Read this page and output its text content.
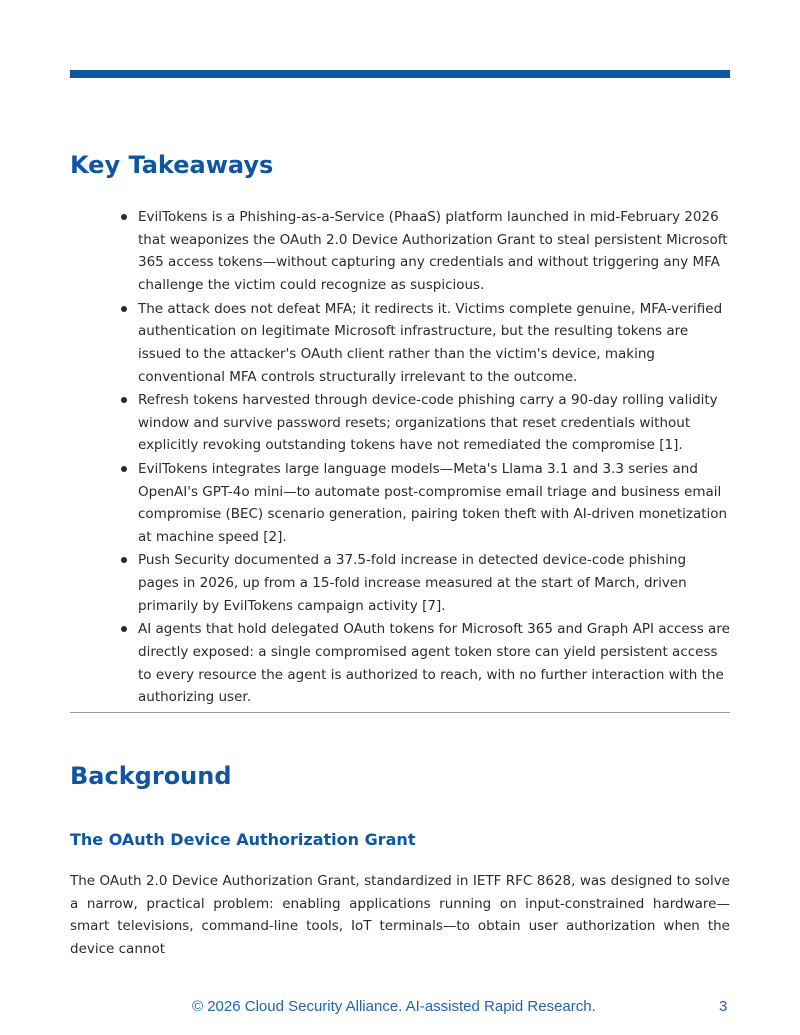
Key Takeaways
EvilTokens is a Phishing-as-a-Service (PhaaS) platform launched in mid-February 2026 that weaponizes the OAuth 2.0 Device Authorization Grant to steal persistent Microsoft 365 access tokens—without capturing any credentials and without triggering any MFA challenge the victim could recognize as suspicious.
The attack does not defeat MFA; it redirects it. Victims complete genuine, MFA-verified authentication on legitimate Microsoft infrastructure, but the resulting tokens are issued to the attacker's OAuth client rather than the victim's device, making conventional MFA controls structurally irrelevant to the outcome.
Refresh tokens harvested through device-code phishing carry a 90-day rolling validity window and survive password resets; organizations that reset credentials without explicitly revoking outstanding tokens have not remediated the compromise [1].
EvilTokens integrates large language models—Meta's Llama 3.1 and 3.3 series and OpenAI's GPT-4o mini—to automate post-compromise email triage and business email compromise (BEC) scenario generation, pairing token theft with AI-driven monetization at machine speed [2].
Push Security documented a 37.5-fold increase in detected device-code phishing pages in 2026, up from a 15-fold increase measured at the start of March, driven primarily by EvilTokens campaign activity [7].
AI agents that hold delegated OAuth tokens for Microsoft 365 and Graph API access are directly exposed: a single compromised agent token store can yield persistent access to every resource the agent is authorized to reach, with no further interaction with the authorizing user.
Background
The OAuth Device Authorization Grant

The OAuth 2.0 Device Authorization Grant, standardized in IETF RFC 8628, was designed to solve a narrow, practical problem: enabling applications running on input-constrained hardware—smart televisions, command-line tools, IoT terminals—to obtain user authorization when the device cannot

© 2026 Cloud Security Alliance. AI-assisted Rapid Research.	3
